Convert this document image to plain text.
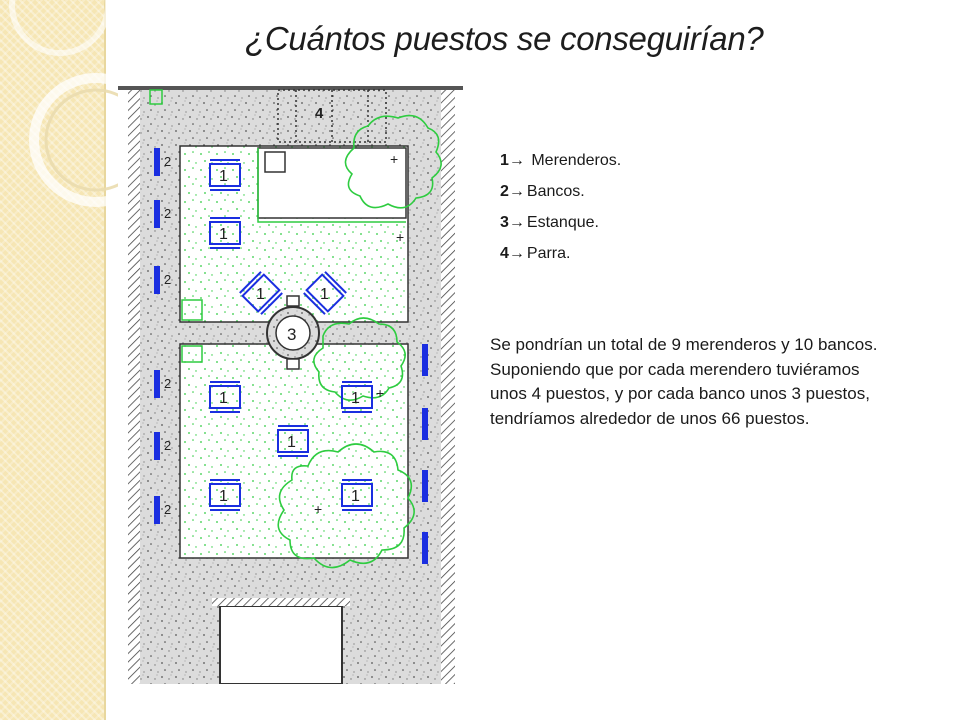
¿Cuántos puestos se conseguirían?
4
1
1
1	1
1	1
1
1	1
2
2
2
2
2
2
3
+
+
+
+
1→ Merenderos.
2→ Bancos.
3→ Estanque.
4→ Parra.
Se pondrían un total de 9 merenderos y 10 bancos. Suponiendo que por cada merendero tuviéramos unos 4 puestos, y por cada banco unos 3 puestos, tendríamos alrededor de unos 66 puestos.
